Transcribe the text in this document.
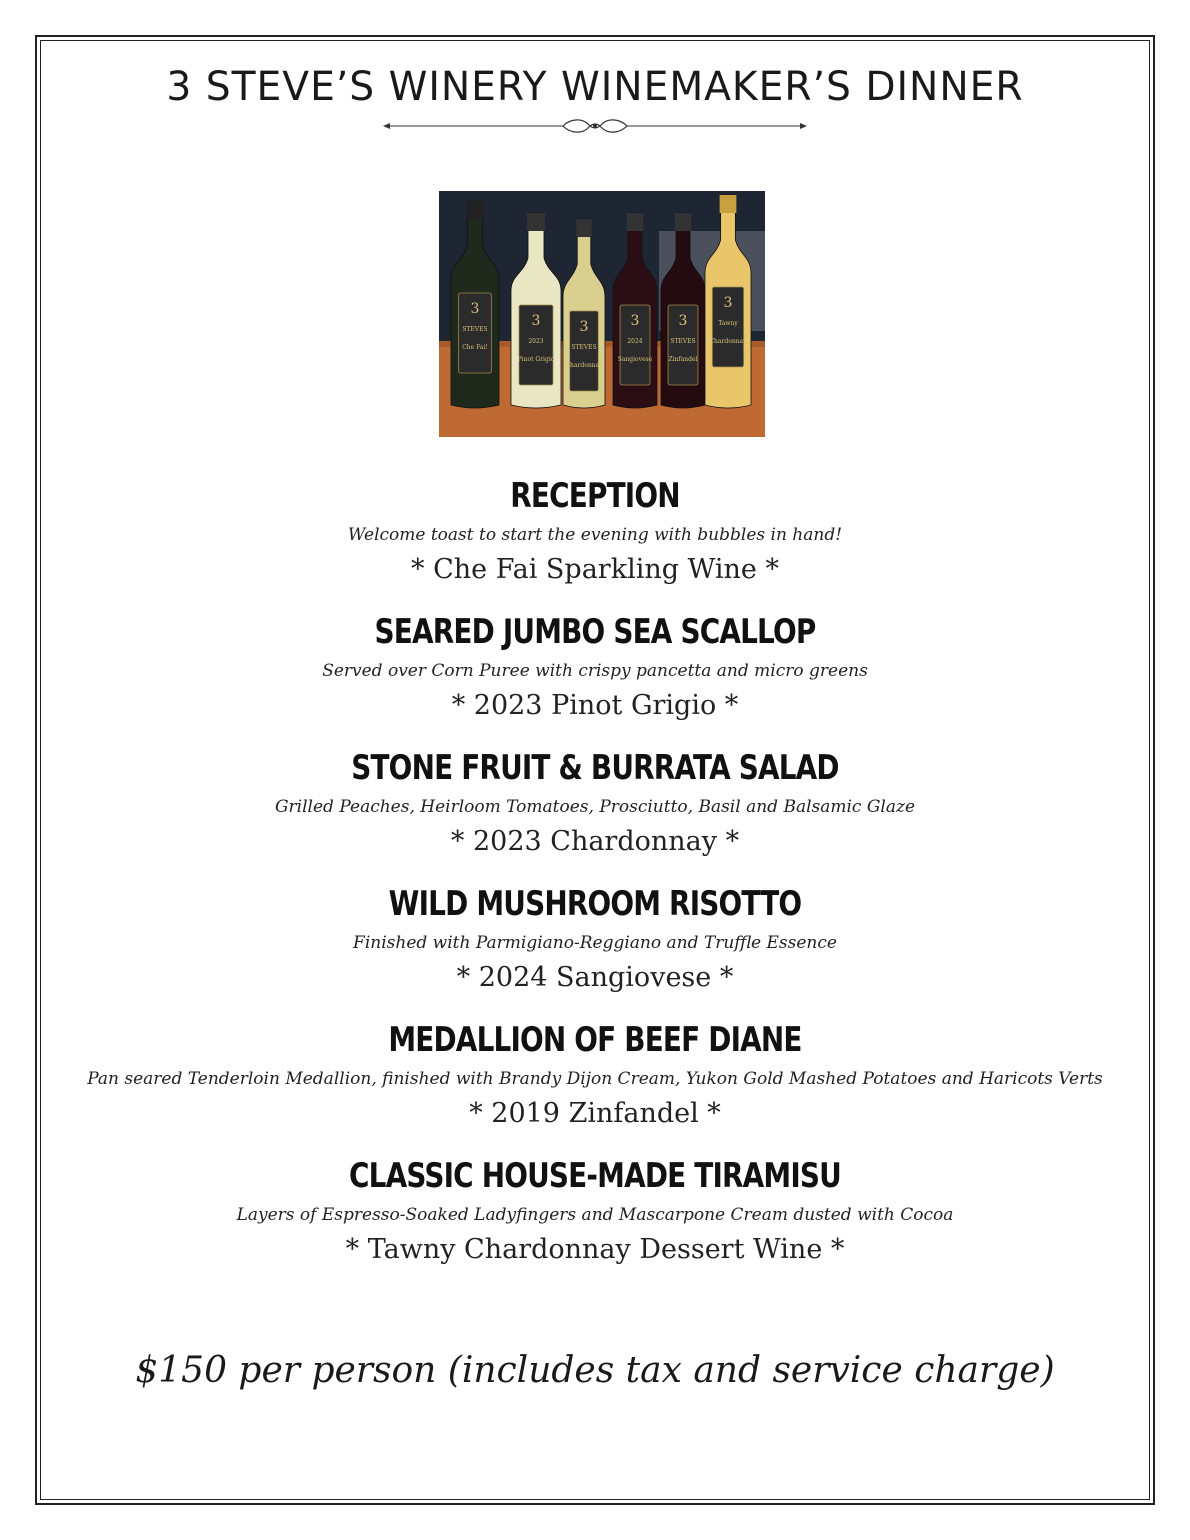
3 STEVE’S WINERY WINEMAKER’S DINNER
3
STEVES
Che Fai!
3
2023
Pinot Grigio
3
STEVES
Chardonnay
3
2024
Sangiovese
3
STEVES
Zinfandel
3
Tawny
Chardonnay
RECEPTION

Welcome toast to start the evening with bubbles in hand!

* Che Fai Sparkling Wine *

SEARED JUMBO SEA SCALLOP

Served over Corn Puree with crispy pancetta and micro greens

* 2023 Pinot Grigio *

STONE FRUIT & BURRATA SALAD

Grilled Peaches, Heirloom Tomatoes, Prosciutto, Basil and Balsamic Glaze

* 2023 Chardonnay *

WILD MUSHROOM RISOTTO

Finished with Parmigiano-Reggiano and Truffle Essence

* 2024 Sangiovese *

MEDALLION OF BEEF DIANE

Pan seared Tenderloin Medallion, finished with Brandy Dijon Cream, Yukon Gold Mashed Potatoes and Haricots Verts

* 2019 Zinfandel *

CLASSIC HOUSE-MADE TIRAMISU

Layers of Espresso-Soaked Ladyfingers and Mascarpone Cream dusted with Cocoa

* Tawny Chardonnay Dessert Wine *

$150 per person (includes tax and service charge)
